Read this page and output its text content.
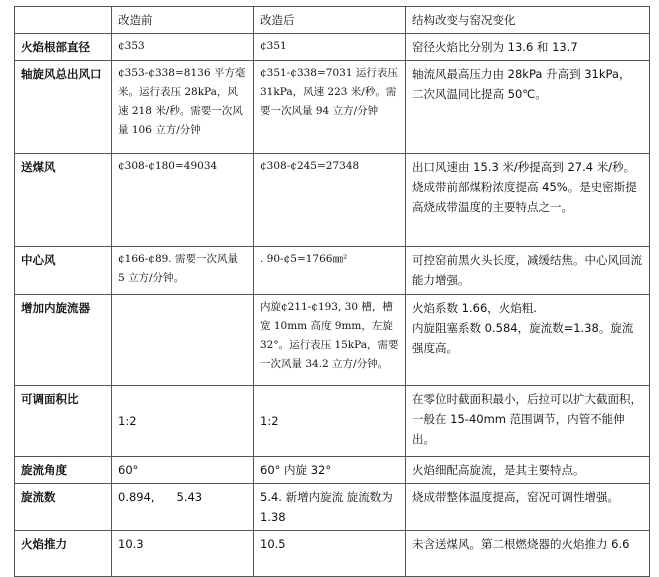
	改造前	改造后	结构改变与窑况变化
火焰根部直径	¢353	¢351	窑径火焰比分别为 13.6 和 13.7
轴旋风总出风口	¢353-¢338=8136 平方毫米。运行表压 28kPa，风速 218 米/秒。需要一次风量 106 立方/分钟	¢351-¢338=7031 运行表压 31kPa，风速 223 米/秒。需要一次风量 94 立方/分钟	轴流风最高压力由 28kPa 升高到 31kPa，
二次风温同比提高 50℃。
送煤风	¢308-¢180=49034	¢308-¢245=27348	出口风速由 15.3 米/秒提高到 27.4 米/秒。
烧成带前部煤粉浓度提高 45%。是史密斯提高烧成带温度的主要特点之一。
中心风	¢166-¢89. 需要一次风量 5 立方/分钟。	. 90-¢5=1766㎜²	可控窑前黑火头长度，减缓结焦。中心风回流能力增强。
增加内旋流器		内旋¢211-¢193, 30 槽，槽宽 10mm 高度 9mm，左旋 32°。运行表压 15kPa，需要一次风量 34.2 立方/分钟。	火焰系数 1.66，火焰粗.
内旋阻塞系数 0.584，旋流数=1.38。旋流强度高。
可调面积比	1:2	1:2	在零位时截面积最小，后拉可以扩大截面积，一般在 15-40mm 范围调节，内管不能伸出。
旋流角度	60°	60° 内旋 32°	火焰细配高旋流，是其主要特点。
旋流数	0.894,      5.43	5.4. 新增内旋流 旋流数为 1.38	烧成带整体温度提高，窑况可调性增强。
火焰推力	10.3	10.5	未含送煤风。第二根燃烧器的火焰推力 6.6
